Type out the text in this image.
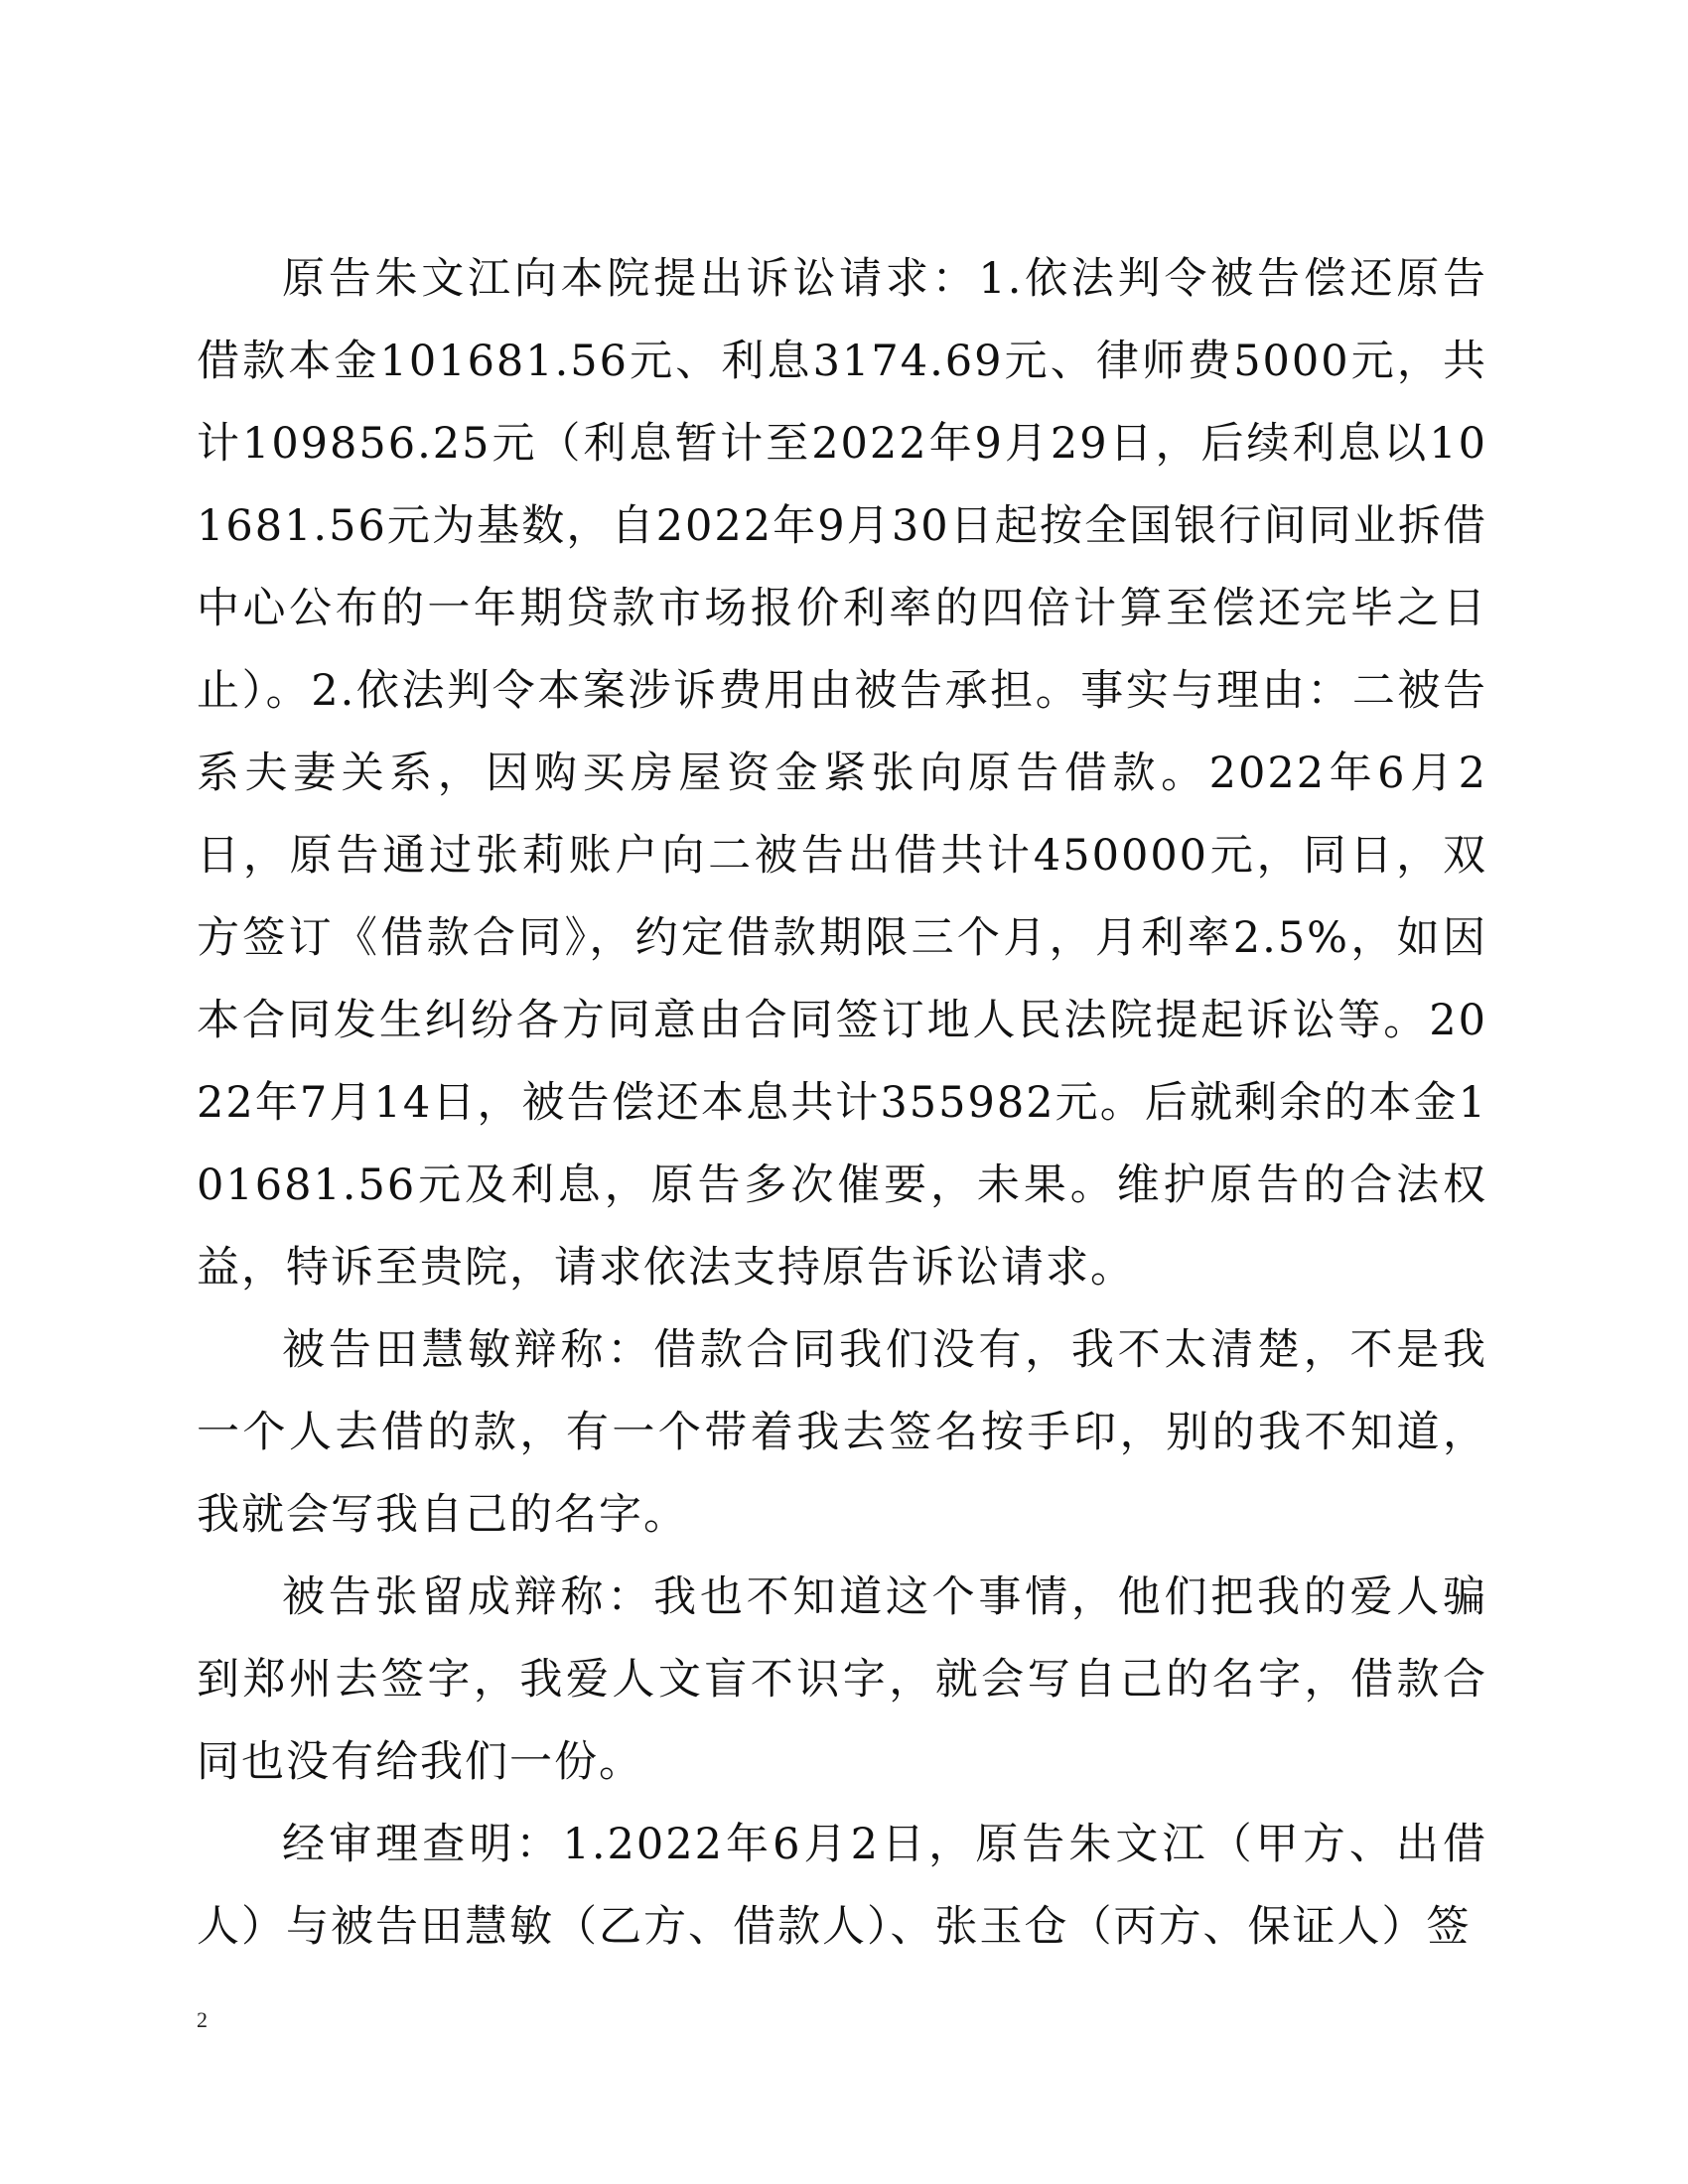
原告朱文江向本院提出诉讼请求：1.依法判令被告偿还原告借款本金101681.56元、利息3174.69元、律师费5000元，共计109856.25元（利息暂计至2022年9月29日，后续利息以101681.56元为基数，自2022年9月30日起按全国银行间同业拆借中心公布的一年期贷款市场报价利率的四倍计算至偿还完毕之日止）。2.依法判令本案涉诉费用由被告承担。事实与理由：二被告系夫妻关系，因购买房屋资金紧张向原告借款。2022年6月2日，原告通过张莉账户向二被告出借共计450000元，同日，双方签订《借款合同》，约定借款期限三个月，月利率2.5%，如因本合同发生纠纷各方同意由合同签订地人民法院提起诉讼等。2022年7月14日，被告偿还本息共计355982元。后就剩余的本金101681.56元及利息，原告多次催要，未果。维护原告的合法权益，特诉至贵院，请求依法支持原告诉讼请求。

被告田慧敏辩称：借款合同我们没有，我不太清楚，不是我一个人去借的款，有一个带着我去签名按手印，别的我不知道，我就会写我自己的名字。

被告张留成辩称：我也不知道这个事情，他们把我的爱人骗到郑州去签字，我爱人文盲不识字，就会写自己的名字，借款合同也没有给我们一份。

经审理查明：1.2022年6月2日，原告朱文江（甲方、出借人）与被告田慧敏（乙方、借款人）、张玉仓（丙方、保证人）签

2
